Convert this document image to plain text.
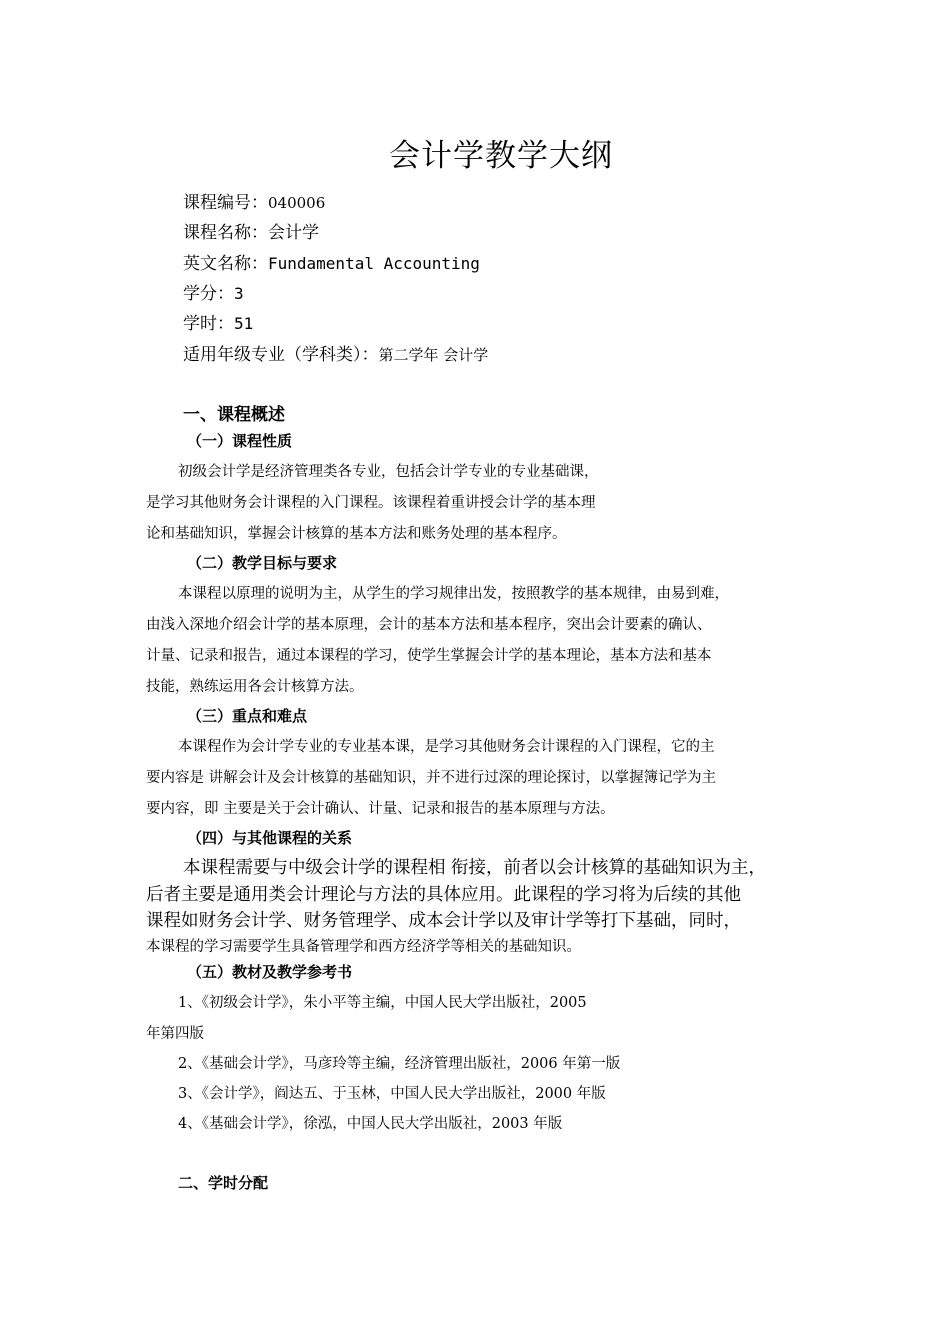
会计学教学大纲
课程编号：040006
课程名称：会计学
英文名称：Fundamental Accounting
学分：3
学时：51
适用年级专业（学科类）：第二学年 会计学
一、课程概述
（一）课程性质
初级会计学是经济管理类各专业，包括会计学专业的专业基础课，
是学习其他财务会计课程的入门课程。该课程着重讲授会计学的基本理
论和基础知识，掌握会计核算的基本方法和账务处理的基本程序。
（二）教学目标与要求
本课程以原理的说明为主，从学生的学习规律出发，按照教学的基本规律，由易到难，
由浅入深地介绍会计学的基本原理，会计的基本方法和基本程序，突出会计要素的确认、
计量、记录和报告，通过本课程的学习，使学生掌握会计学的基本理论，基本方法和基本
技能，熟练运用各会计核算方法。
（三）重点和难点
本课程作为会计学专业的专业基本课，是学习其他财务会计课程的入门课程，它的主
要内容是 讲解会计及会计核算的基础知识，并不进行过深的理论探讨，以掌握簿记学为主
要内容，即 主要是关于会计确认、计量、记录和报告的基本原理与方法。
（四）与其他课程的关系
本课程需要与中级会计学的课程相 衔接，前者以会计核算的基础知识为主，
后者主要是通用类会计理论与方法的具体应用。此课程的学习将为后续的其他
课程如财务会计学、财务管理学、成本会计学以及审计学等打下基础，同时，
本课程的学习需要学生具备管理学和西方经济学等相关的基础知识。
（五）教材及教学参考书
1、《初级会计学》，朱小平等主编，中国人民大学出版社，2005
年第四版
2、《基础会计学》，马彦玲等主编，经济管理出版社，2006 年第一版
3、《会计学》，阎达五、于玉林，中国人民大学出版社，2000 年版
4、《基础会计学》，徐泓，中国人民大学出版社，2003 年版
二、学时分配
